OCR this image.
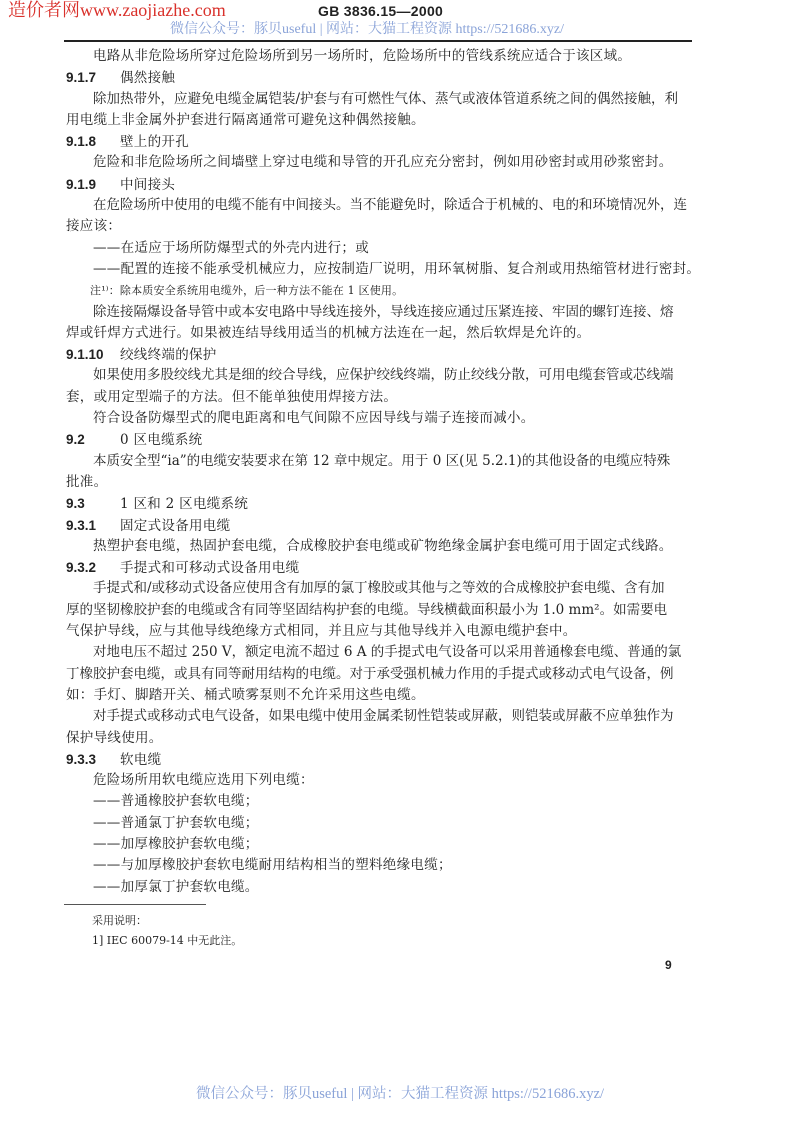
造价者网www.zaojiazhe.com	GB 3836.15—2000
微信公众号：豚贝useful | 网站：大猫工程资源 https://521686.xyz/
电路从非危险场所穿过危险场所到另一场所时，危险场所中的管线系统应适合于该区域。
9.1.7 偶然接触
除加热带外，应避免电缆金属铠装/护套与有可燃性气体、蒸气或液体管道系统之间的偶然接触，利
用电缆上非金属外护套进行隔离通常可避免这种偶然接触。
9.1.8 壁上的开孔
危险和非危险场所之间墙壁上穿过电缆和导管的开孔应充分密封，例如用砂密封或用砂浆密封。
9.1.9 中间接头
在危险场所中使用的电缆不能有中间接头。当不能避免时，除适合于机械的、电的和环境情况外，连
接应该：
——在适应于场所防爆型式的外壳内进行；或
——配置的连接不能承受机械应力，应按制造厂说明，用环氧树脂、复合剂或用热缩管材进行密封。
注¹⁾：除本质安全系统用电缆外，后一种方法不能在 1 区使用。
除连接隔爆设备导管中或本安电路中导线连接外，导线连接应通过压紧连接、牢固的螺钉连接、熔
焊或钎焊方式进行。如果被连结导线用适当的机械方法连在一起，然后软焊是允许的。
9.1.10 绞线终端的保护
如果使用多股绞线尤其是细的绞合导线，应保护绞线终端，防止绞线分散，可用电缆套管或芯线端
套，或用定型端子的方法。但不能单独使用焊接方法。
符合设备防爆型式的爬电距离和电气间隙不应因导线与端子连接而减小。
9.2	0 区电缆系统
本质安全型“ia”的电缆安装要求在第 12 章中规定。用于 0 区(见 5.2.1)的其他设备的电缆应特殊
批准。
9.3	1 区和 2 区电缆系统
9.3.1 固定式设备用电缆
热塑护套电缆，热固护套电缆，合成橡胶护套电缆或矿物绝缘金属护套电缆可用于固定式线路。
9.3.2 手提式和可移动式设备用电缆
手提式和/或移动式设备应使用含有加厚的氯丁橡胶或其他与之等效的合成橡胶护套电缆、含有加
厚的坚韧橡胶护套的电缆或含有同等坚固结构护套的电缆。导线横截面积最小为 1.0 mm²。如需要电
气保护导线，应与其他导线绝缘方式相同，并且应与其他导线并入电源电缆护套中。
对地电压不超过 250 V，额定电流不超过 6 A 的手提式电气设备可以采用普通橡套电缆、普通的氯
丁橡胶护套电缆，或具有同等耐用结构的电缆。对于承受强机械力作用的手提式或移动式电气设备，例
如：手灯、脚踏开关、桶式喷雾泵则不允许采用这些电缆。
对手提式或移动式电气设备，如果电缆中使用金属柔韧性铠装或屏蔽，则铠装或屏蔽不应单独作为
保护导线使用。
9.3.3 软电缆
危险场所用软电缆应选用下列电缆：
——普通橡胶护套软电缆；
——普通氯丁护套软电缆；
——加厚橡胶护套软电缆；
——与加厚橡胶护套软电缆耐用结构相当的塑料绝缘电缆；
——加厚氯丁护套软电缆。
采用说明：
1] IEC 60079-14 中无此注。
9
微信公众号：豚贝useful | 网站：大猫工程资源 https://521686.xyz/
